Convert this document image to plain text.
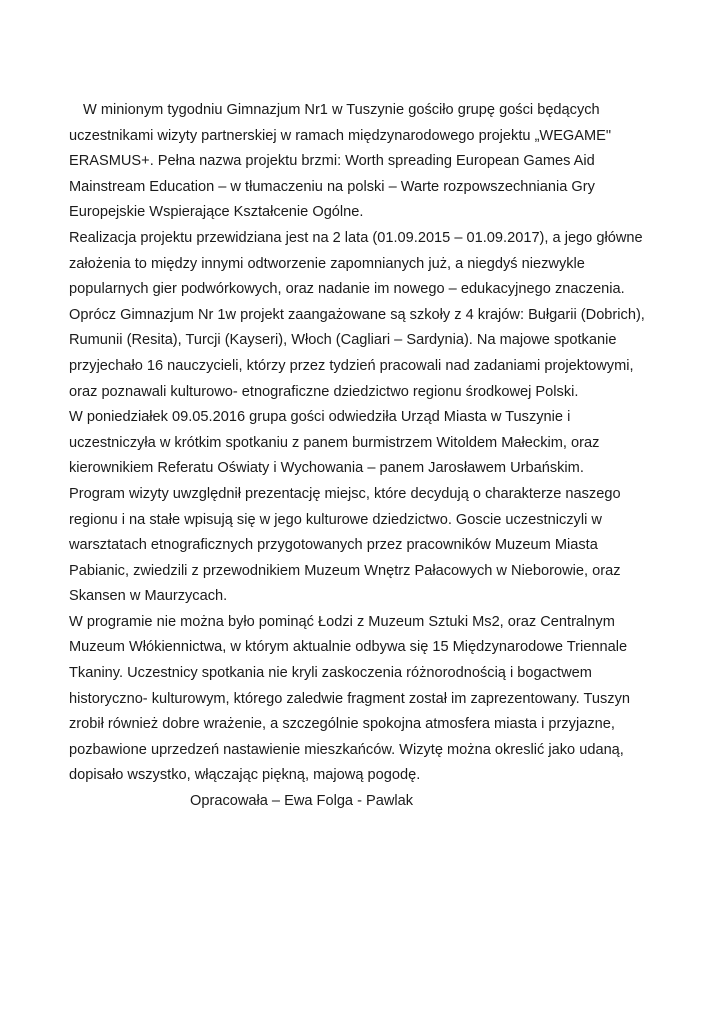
W minionym tygodniu Gimnazjum Nr1 w Tuszynie gościło grupę gości będących
uczestnikami wizyty partnerskiej w ramach międzynarodowego projektu „WEGAME"
ERASMUS+. Pełna nazwa projektu brzmi: Worth spreading European Games Aid
Mainstream Education – w tłumaczeniu na polski – Warte rozpowszechniania Gry
Europejskie Wspierające Kształcenie Ogólne.
Realizacja projektu przewidziana jest na 2 lata (01.09.2015 – 01.09.2017), a jego główne
założenia to między innymi odtworzenie zapomnianych już, a niegdyś niezwykle
popularnych gier podwórkowych, oraz nadanie im nowego – edukacyjnego znaczenia.
Oprócz Gimnazjum Nr 1w projekt zaangażowane są szkoły z 4 krajów: Bułgarii (Dobrich),
Rumunii (Resita), Turcji (Kayseri), Włoch (Cagliari – Sardynia). Na majowe spotkanie
przyjechało 16 nauczycieli, którzy przez tydzień pracowali nad zadaniami projektowymi,
oraz poznawali kulturowo- etnograficzne dziedzictwo regionu środkowej Polski.
W poniedziałek 09.05.2016 grupa gości odwiedziła Urząd Miasta w Tuszynie i
uczestniczyła w krótkim spotkaniu z panem burmistrzem Witoldem Małeckim, oraz
kierownikiem Referatu Oświaty i Wychowania – panem Jarosławem Urbańskim.
Program wizyty uwzględnił prezentację miejsc, które decydują o charakterze naszego
regionu i na stałe wpisują się w jego kulturowe dziedzictwo. Goscie uczestniczyli w
warsztatach etnograficznych przygotowanych przez pracowników Muzeum Miasta
Pabianic, zwiedzili z przewodnikiem Muzeum Wnętrz Pałacowych w Nieborowie, oraz
Skansen w Maurzycach.
W programie nie można było pominąć Łodzi z Muzeum Sztuki Ms2, oraz Centralnym
Muzeum Włókiennictwa, w którym aktualnie odbywa się 15 Międzynarodowe Triennale
Tkaniny. Uczestnicy spotkania nie kryli zaskoczenia różnorodnością i bogactwem
historyczno- kulturowym, którego zaledwie fragment został im zaprezentowany. Tuszyn
zrobił również dobre wrażenie, a szczególnie spokojna atmosfera miasta i przyjazne,
pozbawione uprzedzeń nastawienie mieszkańców. Wizytę można okreslić jako udaną,
dopisało wszystko, włączając piękną, majową pogodę.
Opracowała – Ewa Folga - Pawlak
